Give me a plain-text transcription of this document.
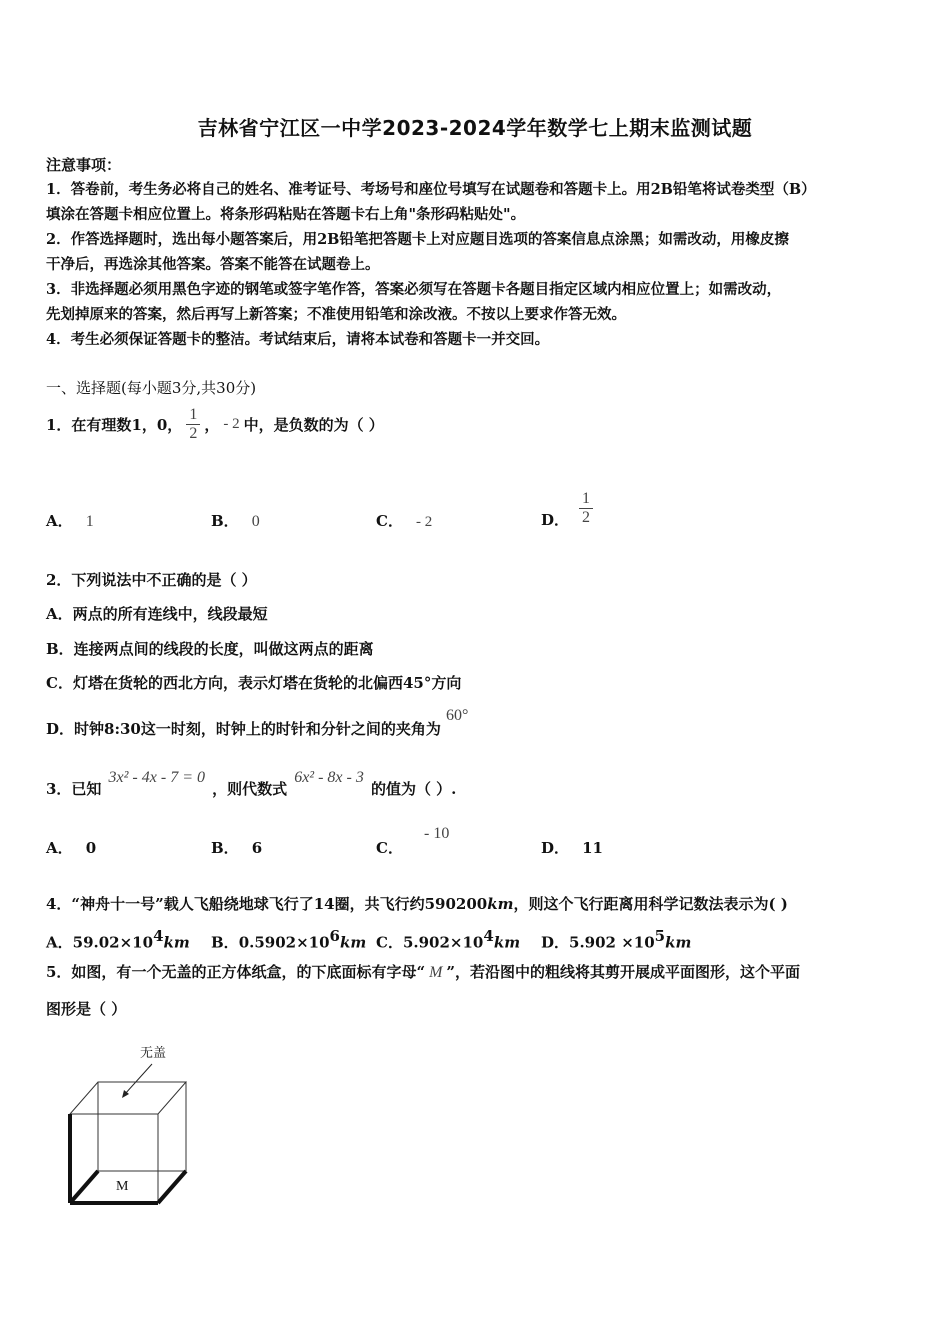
吉林省宁江区一中学2023-2024学年数学七上期末监测试题
注意事项：
1．答卷前，考生务必将自己的姓名、准考证号、考场号和座位号填写在试题卷和答题卡上。用2B铅笔将试卷类型（B）
填涂在答题卡相应位置上。将条形码粘贴在答题卡右上角"条形码粘贴处"。
2．作答选择题时，选出每小题答案后，用2B铅笔把答题卡上对应题目选项的答案信息点涂黑；如需改动，用橡皮擦
干净后，再选涂其他答案。答案不能答在试题卷上。
3．非选择题必须用黑色字迹的钢笔或签字笔作答，答案必须写在答题卡各题目指定区域内相应位置上；如需改动，
先划掉原来的答案，然后再写上新答案；不准使用铅笔和涂改液。不按以上要求作答无效。
4．考生必须保证答题卡的整洁。考试结束后，请将本试卷和答题卡一并交回。
一、选择题(每小题3分,共30分)
1．在有理数1，0， $\frac{1}{2}$ ， - 2 中，是负数的为（ ）
A． 1	B． 0	C． - 2	D． $\frac{1}{2}$
2．下列说法中不正确的是（ ）
A．两点的所有连线中，线段最短
B．连接两点间的线段的长度，叫做这两点的距离
C．灯塔在货轮的西北方向，表示灯塔在货轮的北偏西45°方向
D．时钟8:30这一时刻，时钟上的时针和分针之间的夹角为 60°
3．已知 3x² - 4x - 7 = 0 ，则代数式 6x² - 8x - 3 的值为（ ）.
A． 0	B． 6	C． - 10
D． 11
4．“神舟十一号”载人飞船绕地球飞行了14圈，共飞行约590200km，则这个飞行距离用科学记数法表示为( )
A．$59.02\times 10^4km$ B．$0.5902\times 10^6km$ C．$5.902\times 10^4km$ D．$5.902 \times 10^5km$
5．如图，有一个无盖的正方体纸盒，的下底面标有字母“ M ”，若沿图中的粗线将其剪开展成平面图形，这个平面
图形是（ ）
无盖
M
